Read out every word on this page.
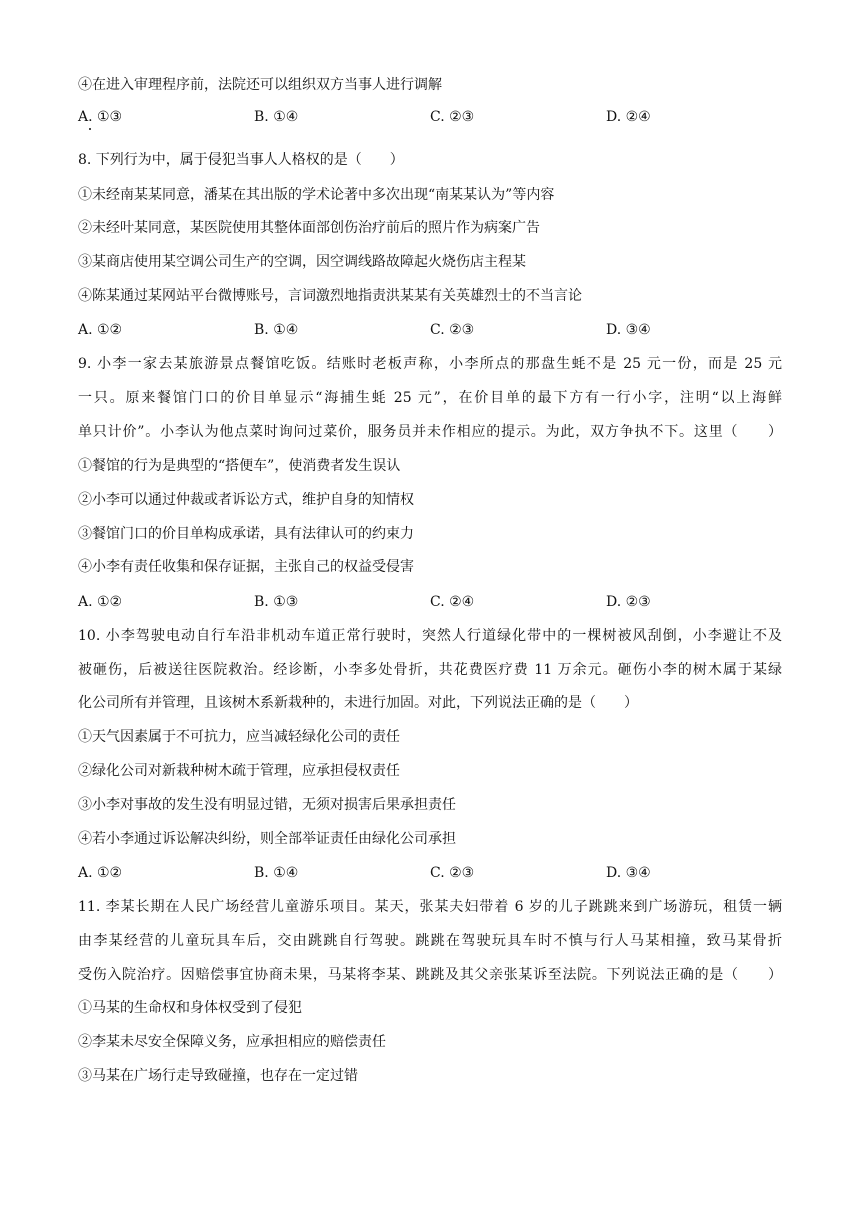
④在进入审理程序前，法院还可以组织双方当事人进行调解
A. ①③	B. ①④	C. ②③	D. ②④
8. 下列行为中，属于侵犯当事人人格权的是（　　）
①未经南某某同意，潘某在其出版的学术论著中多次出现“南某某认为”等内容
②未经叶某同意，某医院使用其整体面部创伤治疗前后的照片作为病案广告
③某商店使用某空调公司生产的空调，因空调线路故障起火烧伤店主程某
④陈某通过某网站平台微博账号，言词激烈地指责洪某某有关英雄烈士的不当言论
A. ①②	B. ①④	C. ②③	D. ③④
9. 小李一家去某旅游景点餐馆吃饭。结账时老板声称，小李所点的那盘生蚝不是 25 元一份，而是 25 元
一只。原来餐馆门口的价目单显示“海捕生蚝 25 元”，在价目单的最下方有一行小字，注明“以上海鲜
单只计价”。小李认为他点菜时询问过菜价，服务员并未作相应的提示。为此，双方争执不下。这里（　　）
①餐馆的行为是典型的“搭便车”，使消费者发生误认
②小李可以通过仲裁或者诉讼方式，维护自身的知情权
③餐馆门口的价目单构成承诺，具有法律认可的约束力
④小李有责任收集和保存证据，主张自己的权益受侵害
A. ①②	B. ①③	C. ②④	D. ②③
10. 小李驾驶电动自行车沿非机动车道正常行驶时，突然人行道绿化带中的一棵树被风刮倒，小李避让不及
被砸伤，后被送往医院救治。经诊断，小李多处骨折，共花费医疗费 11 万余元。砸伤小李的树木属于某绿
化公司所有并管理，且该树木系新栽种的，未进行加固。对此，下列说法正确的是（　　）
①天气因素属于不可抗力，应当减轻绿化公司的责任
②绿化公司对新栽种树木疏于管理，应承担侵权责任
③小李对事故的发生没有明显过错，无须对损害后果承担责任
④若小李通过诉讼解决纠纷，则全部举证责任由绿化公司承担
A. ①②	B. ①④	C. ②③	D. ③④
11. 李某长期在人民广场经营儿童游乐项目。某天，张某夫妇带着 6 岁的儿子跳跳来到广场游玩，租赁一辆
由李某经营的儿童玩具车后，交由跳跳自行驾驶。跳跳在驾驶玩具车时不慎与行人马某相撞，致马某骨折
受伤入院治疗。因赔偿事宜协商未果，马某将李某、跳跳及其父亲张某诉至法院。下列说法正确的是（　　）
①马某的生命权和身体权受到了侵犯
②李某未尽安全保障义务，应承担相应的赔偿责任
③马某在广场行走导致碰撞，也存在一定过错
